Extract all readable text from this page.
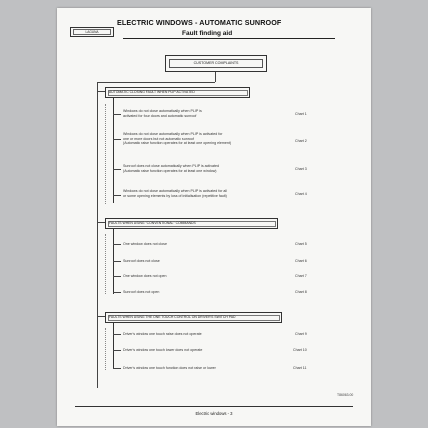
LAGUNA
ELECTRIC WINDOWS - AUTOMATIC SUNROOF
Fault finding aid
CUSTOMER COMPLAINTS
AUTOMATIC CLOSING FAULT WHEN PLIP ACTIVATED
Windows do not close automatically when PLIP is
activated for four doors and automatic sunroof	Chart 1
Windows do not close automatically when PLIP is activated for
one or more doors but not automatic sunroof
(Automatic raise function operates for at least one opening element)
Chart 2
Sunroof does not close automatically when PLIP is activated
(Automatic raise function operates for at least one window)	Chart 3
Windows do not close automatically when PLIP is activated for all
or some opening elements by loss of initialisation (repetitive fault)	Chart 4
FAULTS WHEN USING "CONVENTIONAL" COMMANDS
One window does not close	Chart 5
Sunroof does not close	Chart 6
One window does not open	Chart 7
Sunroof does not open	Chart 8
FAULTS WHEN USING THE ONE TOUCH CONTROL ON DRIVER'S SWITCH PAD
Driver's window one touch raise does not operate	Chart 9
Driver's window one touch lower does not operate	Chart 10
Driver's window one touch function does not raise or lower	Chart 11
T86063.00
Electric windows - 3
